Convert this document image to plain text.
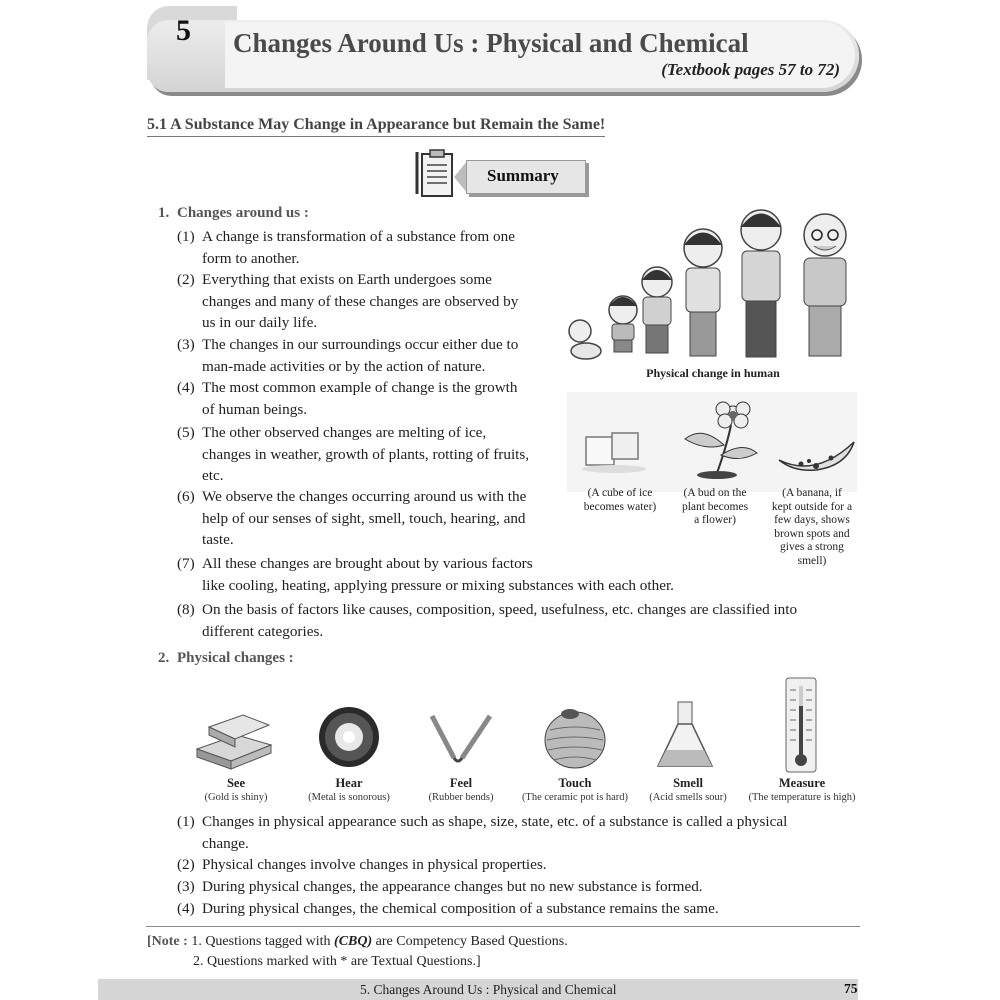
5 Changes Around Us : Physical and Chemical
(Textbook pages 57 to 72)
5.1 A Substance May Change in Appearance but Remain the Same!
Summary
1. Changes around us :
(1) A change is transformation of a substance from one
form to another.
(2) Everything that exists on Earth undergoes some
changes and many of these changes are observed by
us in our daily life.
(3) The changes in our surroundings occur either due to
man-made activities or by the action of nature.
(4) The most common example of change is the growth
of human beings.
(5) The other observed changes are melting of ice,
changes in weather, growth of plants, rotting of fruits,
etc.
(6) We observe the changes occurring around us with the
help of our senses of sight, smell, touch, hearing, and
taste.
(7) All these changes are brought about by various factors
like cooling, heating, applying pressure or mixing substances with each other.
(8) On the basis of factors like causes, composition, speed, usefulness, etc. changes are classified into
different categories.
Physical change in human
(A cube of ice
becomes water)
(A bud on the
plant becomes
a flower)
(A banana, if
kept outside for a
few days, shows
brown spots and
gives a strong
smell)
2. Physical changes :
See
(Gold is shiny)
Hear
(Metal is sonorous)
Feel
(Rubber bends)
Touch
(The ceramic pot is hard)
Smell
(Acid smells sour)
Measure
(The temperature is high)
(1) Changes in physical appearance such as shape, size, state, etc. of a substance is called a physical
change.
(2) Physical changes involve changes in physical properties.
(3) During physical changes, the appearance changes but no new substance is formed.
(4) During physical changes, the chemical composition of a substance remains the same.
[Note : 1. Questions tagged with (CBQ) are Competency Based Questions.
2. Questions marked with * are Textual Questions.]
5. Changes Around Us : Physical and Chemical	75
